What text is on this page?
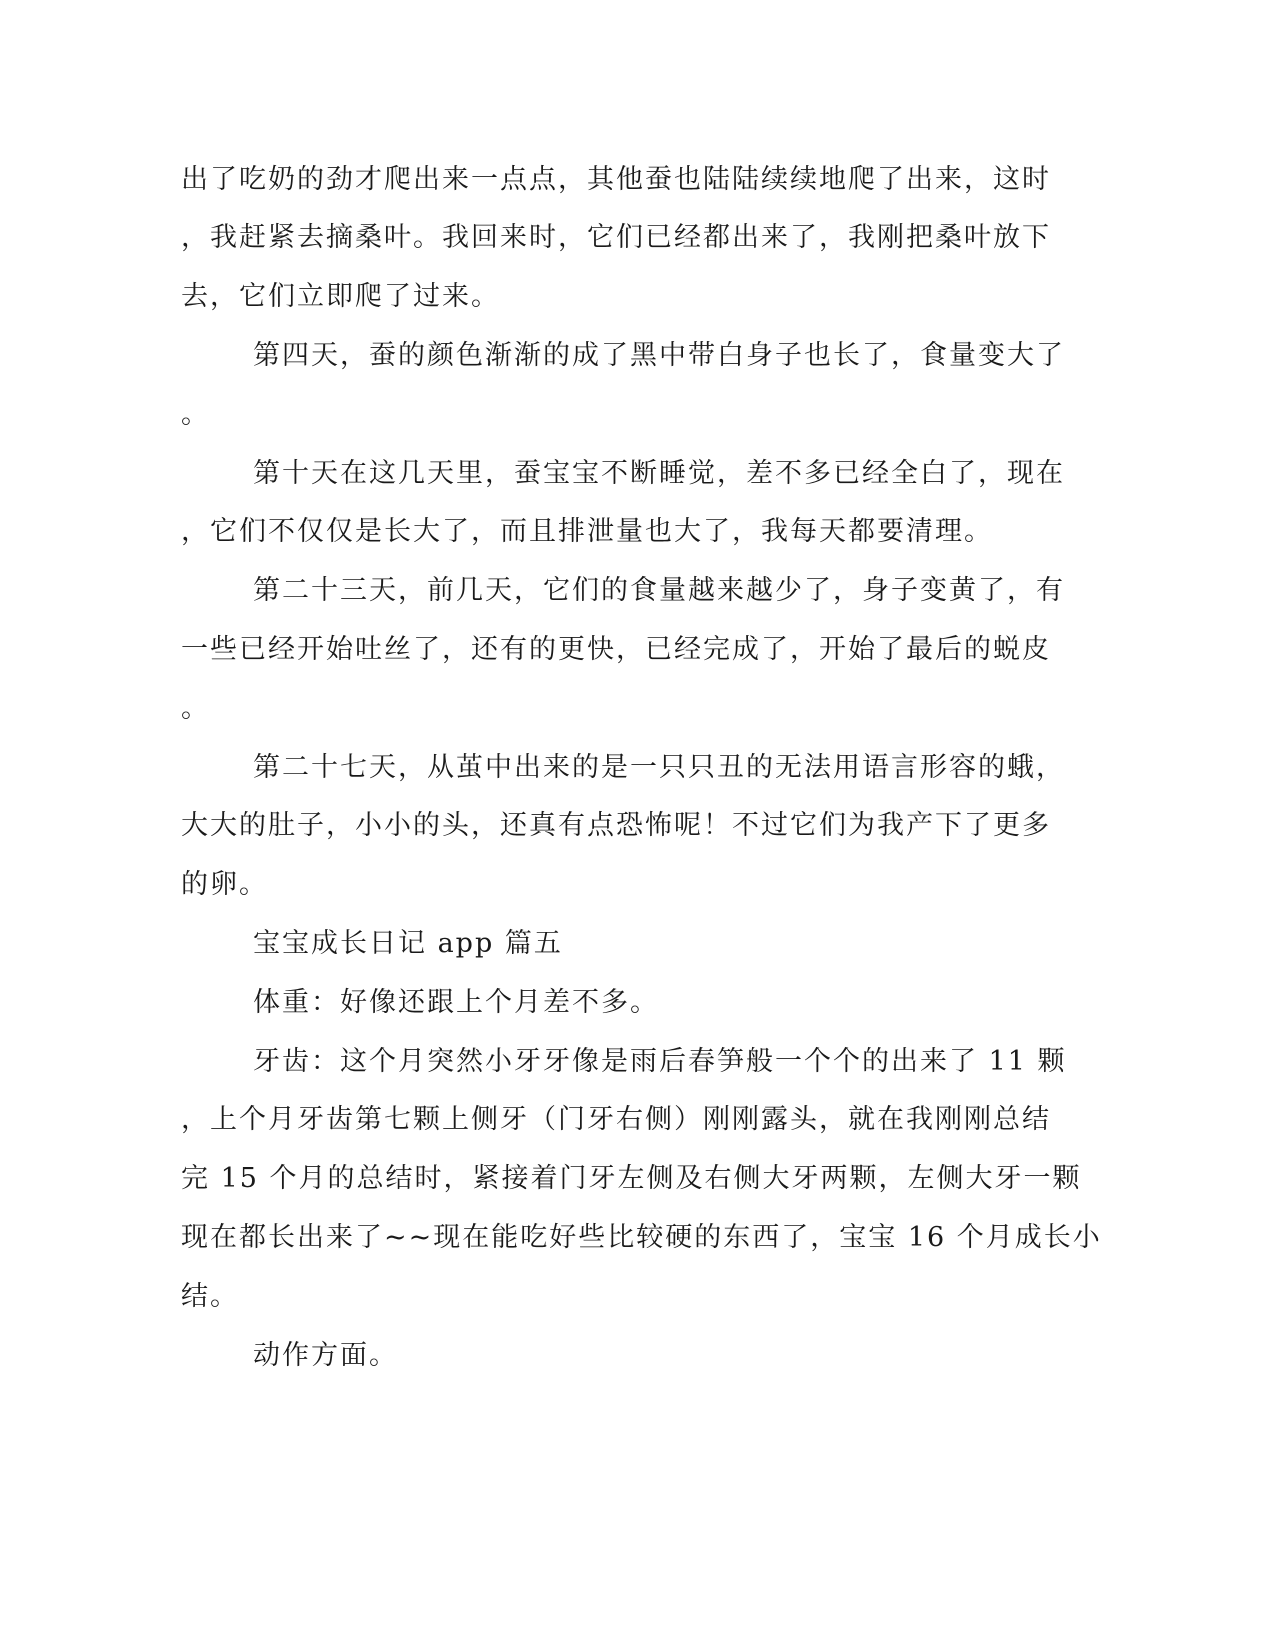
出了吃奶的劲才爬出来一点点，其他蚕也陆陆续续地爬了出来，这时
，我赶紧去摘桑叶。我回来时，它们已经都出来了，我刚把桑叶放下
去，它们立即爬了过来。
第四天，蚕的颜色渐渐的成了黑中带白身子也长了，食量变大了
。
第十天在这几天里，蚕宝宝不断睡觉，差不多已经全白了，现在
，它们不仅仅是长大了，而且排泄量也大了，我每天都要清理。
第二十三天，前几天，它们的食量越来越少了，身子变黄了，有
一些已经开始吐丝了，还有的更快，已经完成了，开始了最后的蜕皮
。
第二十七天，从茧中出来的是一只只丑的无法用语言形容的蛾，
大大的肚子，小小的头，还真有点恐怖呢！不过它们为我产下了更多
的卵。
宝宝成长日记 app 篇五
体重：好像还跟上个月差不多。
牙齿：这个月突然小牙牙像是雨后春笋般一个个的出来了 11 颗
，上个月牙齿第七颗上侧牙（门牙右侧）刚刚露头，就在我刚刚总结
完 15 个月的总结时，紧接着门牙左侧及右侧大牙两颗，左侧大牙一颗
现在都长出来了~~现在能吃好些比较硬的东西了，宝宝 16 个月成长小
结。
动作方面。
